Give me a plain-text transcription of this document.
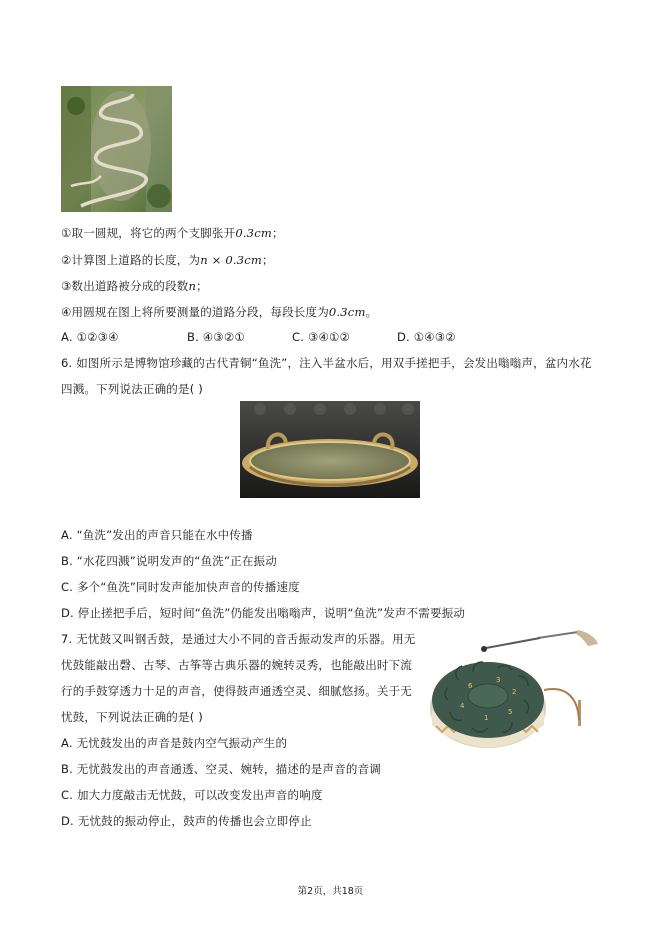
①取一圆规，将它的两个支脚张开0.3cm；
②计算图上道路的长度，为n × 0.3cm；
③数出道路被分成的段数n；
④用圆规在图上将所要测量的道路分段，每段长度为0.3cm。
A. ①②③④	B. ④③②①	C. ③④①②	D. ①④③②
6. 如图所示是博物馆珍藏的古代青铜“鱼洗”，注入半盆水后，用双手搓把手，会发出嗡嗡声，盆内水花
四溅。下列说法正确的是( )
A. “鱼洗”发出的声音只能在水中传播
B. “水花四溅”说明发声的“鱼洗”正在振动
C. 多个“鱼洗”同时发声能加快声音的传播速度
D. 停止搓把手后，短时间“鱼洗”仍能发出嗡嗡声，说明“鱼洗”发声不需要振动
7. 无忧鼓又叫钢舌鼓，是通过大小不同的音舌振动发声的乐器。用无
忧鼓能敲出磬、古琴、古筝等古典乐器的婉转灵秀，也能敲出时下流
行的手鼓穿透力十足的声音，使得鼓声通透空灵、细腻悠扬。关于无
忧鼓，下列说法正确的是( )
6
3
2
5
1
4
A. 无忧鼓发出的声音是鼓内空气振动产生的
B. 无忧鼓发出的声音通透、空灵、婉转，描述的是声音的音调
C. 加大力度敲击无忧鼓，可以改变发出声音的响度
D. 无忧鼓的振动停止，鼓声的传播也会立即停止
第2页，共18页
